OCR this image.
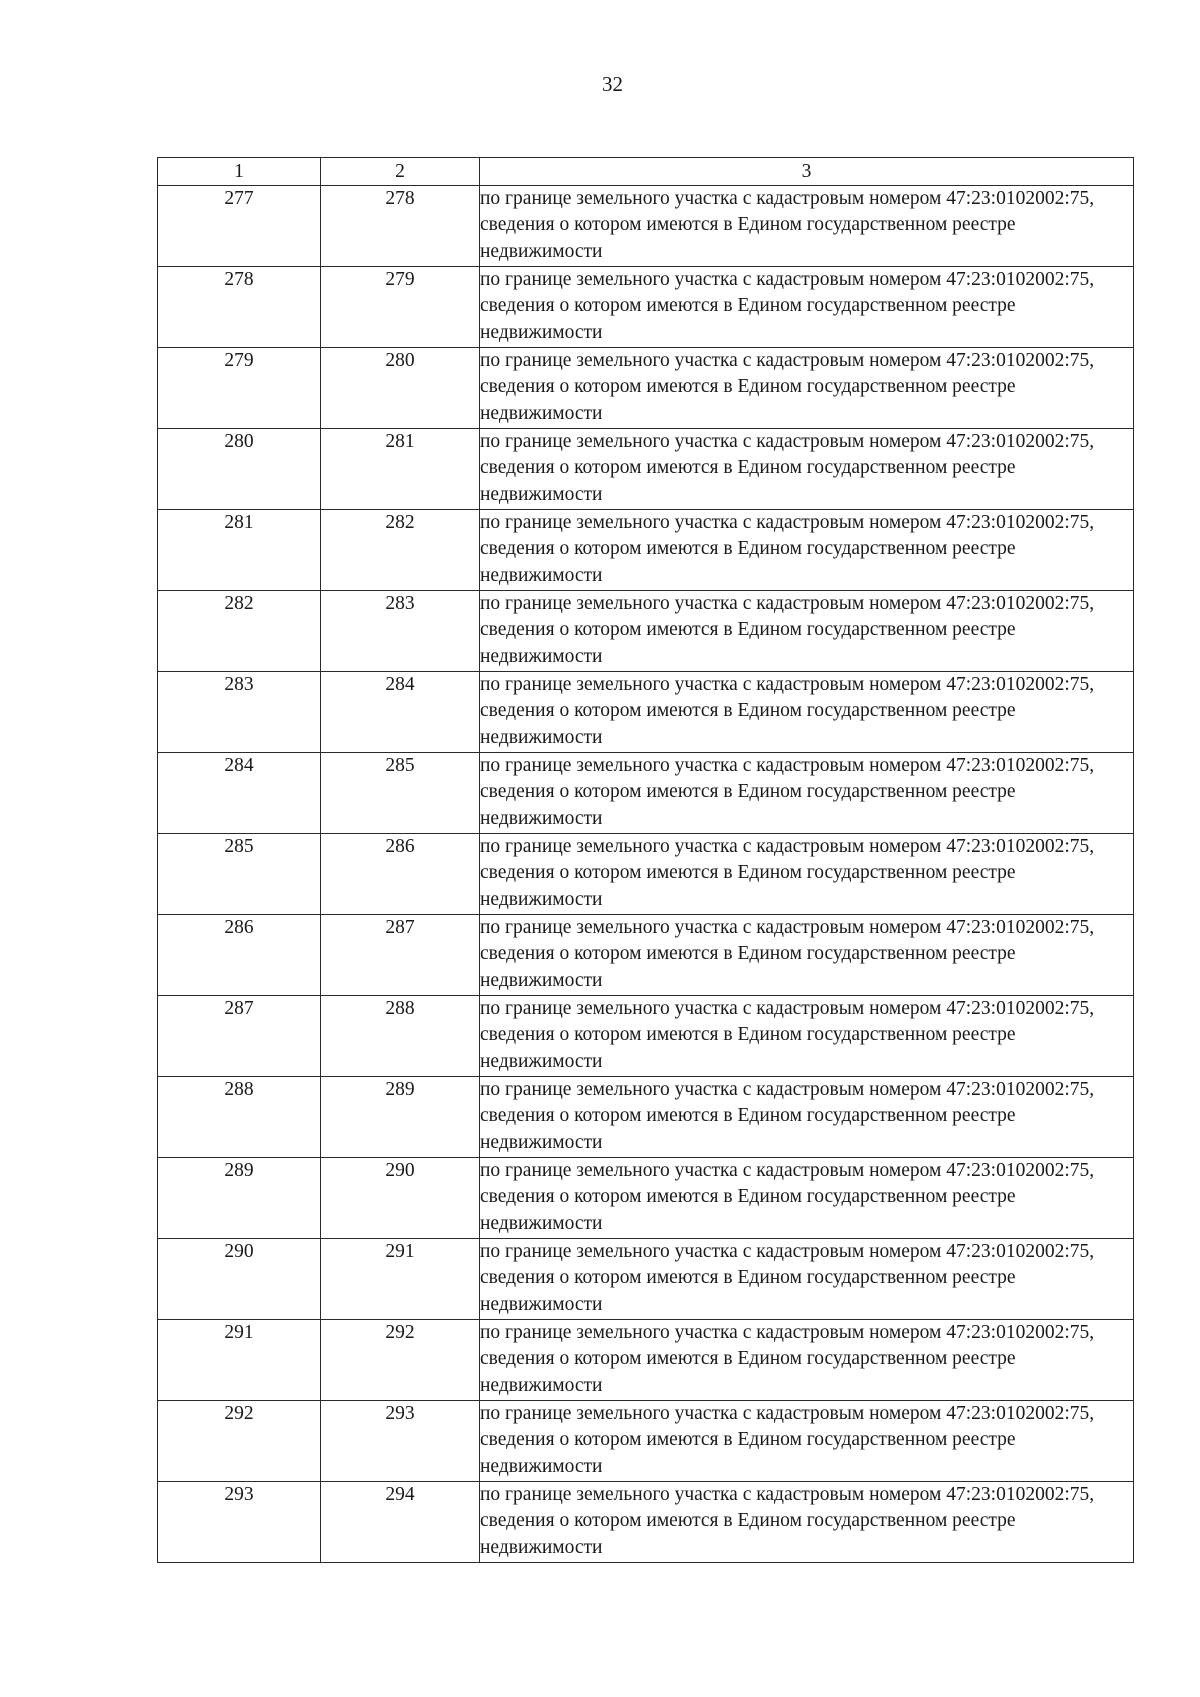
32
1	2	3
277	278	по границе земельного участка с кадастровым номером 47:23:0102002:75, сведения о котором имеются в Едином государственном реестре недвижимости
278	279	по границе земельного участка с кадастровым номером 47:23:0102002:75, сведения о котором имеются в Едином государственном реестре недвижимости
279	280	по границе земельного участка с кадастровым номером 47:23:0102002:75, сведения о котором имеются в Едином государственном реестре недвижимости
280	281	по границе земельного участка с кадастровым номером 47:23:0102002:75, сведения о котором имеются в Едином государственном реестре недвижимости
281	282	по границе земельного участка с кадастровым номером 47:23:0102002:75, сведения о котором имеются в Едином государственном реестре недвижимости
282	283	по границе земельного участка с кадастровым номером 47:23:0102002:75, сведения о котором имеются в Едином государственном реестре недвижимости
283	284	по границе земельного участка с кадастровым номером 47:23:0102002:75, сведения о котором имеются в Едином государственном реестре недвижимости
284	285	по границе земельного участка с кадастровым номером 47:23:0102002:75, сведения о котором имеются в Едином государственном реестре недвижимости
285	286	по границе земельного участка с кадастровым номером 47:23:0102002:75, сведения о котором имеются в Едином государственном реестре недвижимости
286	287	по границе земельного участка с кадастровым номером 47:23:0102002:75, сведения о котором имеются в Едином государственном реестре недвижимости
287	288	по границе земельного участка с кадастровым номером 47:23:0102002:75, сведения о котором имеются в Едином государственном реестре недвижимости
288	289	по границе земельного участка с кадастровым номером 47:23:0102002:75, сведения о котором имеются в Едином государственном реестре недвижимости
289	290	по границе земельного участка с кадастровым номером 47:23:0102002:75, сведения о котором имеются в Едином государственном реестре недвижимости
290	291	по границе земельного участка с кадастровым номером 47:23:0102002:75, сведения о котором имеются в Едином государственном реестре недвижимости
291	292	по границе земельного участка с кадастровым номером 47:23:0102002:75, сведения о котором имеются в Едином государственном реестре недвижимости
292	293	по границе земельного участка с кадастровым номером 47:23:0102002:75, сведения о котором имеются в Едином государственном реестре недвижимости
293	294	по границе земельного участка с кадастровым номером 47:23:0102002:75, сведения о котором имеются в Едином государственном реестре недвижимости
